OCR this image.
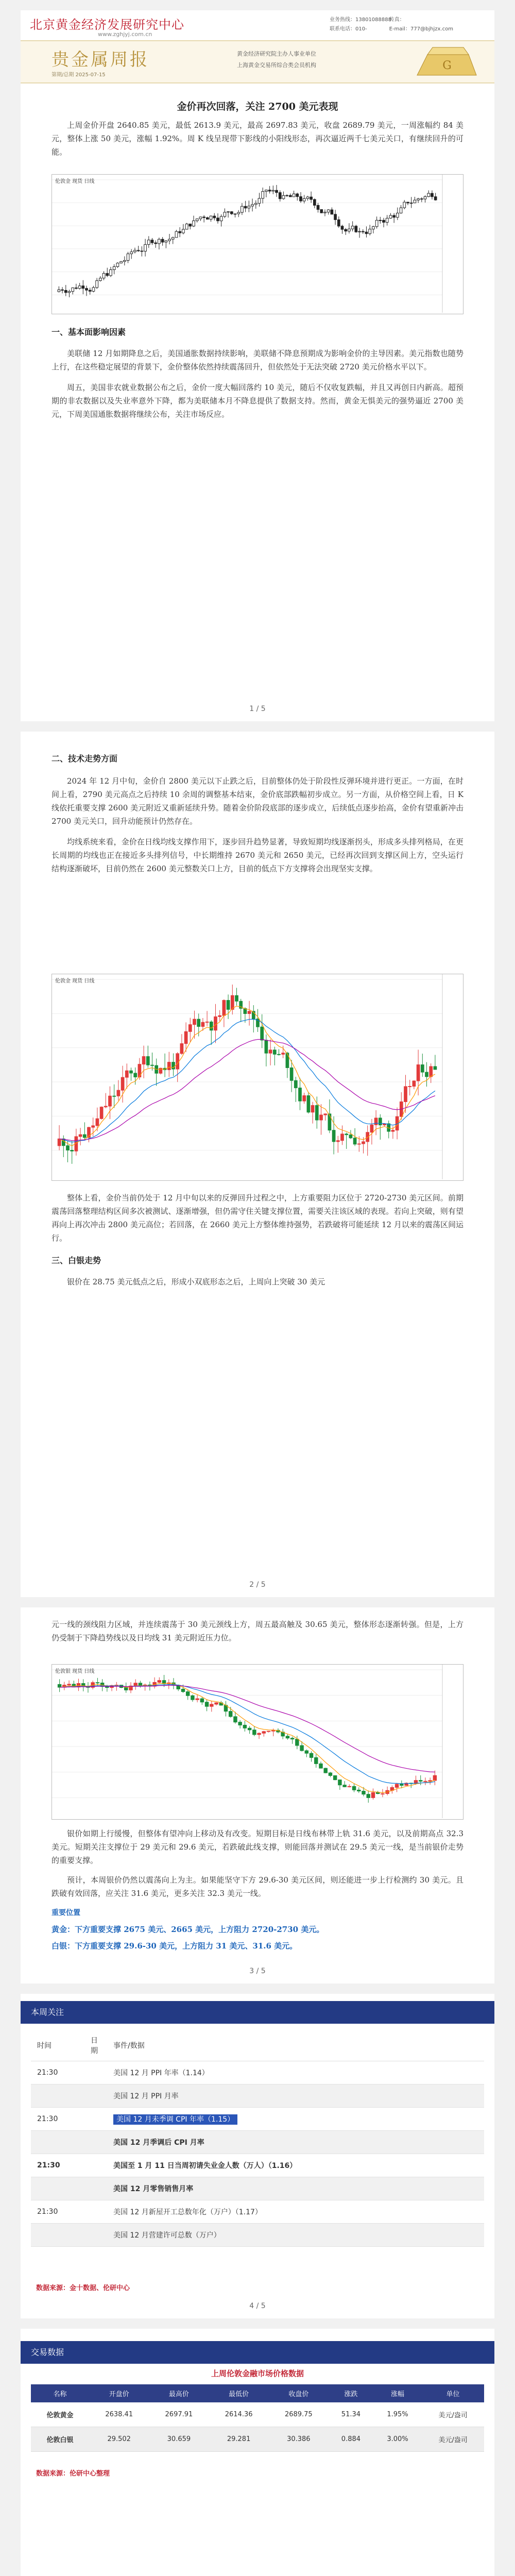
北京黄金经济发展研究中心
www.zghjyj.com.cn
业务热线：13801088888
联系电话：010-
传真：
E-mail：777@bjhjzx.com
贵金属周报
第期/总期 2025-07-15
黄金经济研究院主办人事业单位
上海黄金交易所综合类会员机构	G
金价再次回落，关注 2700 美元表现

上周金价开盘 2640.85 美元，最低 2613.9 美元，最高 2697.83 美元，收盘 2689.79 美元，一周涨幅约 84 美元，整体上涨 50 美元，涨幅 1.92%。周 K 线呈现带下影线的小阳线形态，再次逼近两千七美元关口，有继续回升的可能。

伦敦金 现货 日线
一、基本面影响因素

美联储 12 月如期降息之后，美国通胀数据持续影响，美联储不降息预期成为影响金价的主导因素。美元指数也随势上行，在这些稳定展望的背景下，金价整体依然持续震荡回升，但依然处于无法突破 2720 美元价格水平以下。

周五，美国非农就业数据公布之后，金价一度大幅回落约 10 美元，随后不仅收复跌幅，并且又再创日内新高。超预期的非农数据以及失业率意外下降，都为美联储本月不降息提供了数据支持。然而，黄金无惧美元的强势逼近 2700 美元，下周美国通胀数据将继续公布，关注市场反应。

1 / 5
二、技术走势方面

2024 年 12 月中旬，金价自 2800 美元以下止跌之后，目前整体仍处于阶段性反弹环境并进行更正。一方面，在时间上看，2790 美元高点之后持续 10 余周的调整基本结束，金价底部跌幅初步成立。另一方面，从价格空间上看，日 K 线依托重要支撑 2600 美元附近又重新延续升势。随着金价阶段底部的逐步成立，后续低点逐步抬高，金价有望重新冲击 2700 美元关口，回升动能预计仍然存在。

均线系统来看，金价在日线均线支撑作用下，逐步回升趋势显著，导致短期均线逐渐拐头，形成多头排列格局，在更长周期的均线也正在接近多头排列信号，中长期维持 2670 美元和 2650 美元，已经再次回到支撑区间上方，空头运行结构逐渐破坏，目前仍然在 2600 美元整数关口上方，目前的低点下方支撑将会出现坚实支撑。

伦敦金 现货 日线

整体上看，金价当前仍处于 12 月中旬以来的反弹回升过程之中，上方重要阻力区位于 2720-2730 美元区间。前期震荡回落整理结构区间多次被测试、逐渐增强，但仍需守住关键支撑位置，需要关注该区域的表现。若向上突破，则有望再向上再次冲击 2800 美元高位；若回落，在 2660 美元上方整体维持强势，若跌破将可能延续 12 月以来的震荡区间运行。

三、白银走势

银价在 28.75 美元低点之后，形成小双底形态之后，上周向上突破 30 美元

2 / 5

元一线的颈线阻力区域，并连续震荡于 30 美元颈线上方，周五最高触及 30.65 美元，整体形态逐渐转强。但是，上方仍受制于下降趋势线以及日均线 31 美元附近压力位。

伦敦银 现货 日线

银价如期上行缓慢，但整体有望冲向上移动及有改变。短期目标是日线布林带上轨 31.6 美元，以及前期高点 32.3 美元。短期关注支撑位于 29 美元和 29.6 美元，若跌破此线支撑，则能回落并测试在 29.5 美元一线，是当前银价走势的重要支撑。

预计，本周银价仍然以震荡向上为主。如果能坚守下方 29.6-30 美元区间，则还能进一步上行检测约 30 美元。且跌破有效回落，应关注 31.6 美元，更多关注 32.3 美元一线。

重要位置

黄金：下方重要支撑 2675 美元、2665 美元，上方阻力 2720-2730 美元。

白银：下方重要支撑 29.6-30 美元，上方阻力 31 美元、31.6 美元。

3 / 5
本周关注
时间	日期	事件/数据
21:30		美国 12 月 PPI 年率（1.14）
		美国 12 月 PPI 月率
21:30		美国 12 月未季调 CPI 年率（1.15）
		美国 12 月季调后 CPI 月率
21:30		美国至 1 月 11 日当周初请失业金人数（万人）（1.16）
		美国 12 月零售销售月率
21:30		美国 12 月新屋开工总数年化（万户）（1.17）
		美国 12 月营建许可总数（万户）
数据来源：金十数据、伦研中心
4 / 5
交易数据
上周伦敦金融市场价格数据
名称	开盘价	最高价	最低价	收盘价	涨跌	涨幅	单位
伦敦黄金	2638.41	2697.91	2614.36	2689.75	51.34	1.95%	美元/盎司
伦敦白银	29.502	30.659	29.281	30.386	0.884	3.00%	美元/盎司
数据来源：伦研中心整理
